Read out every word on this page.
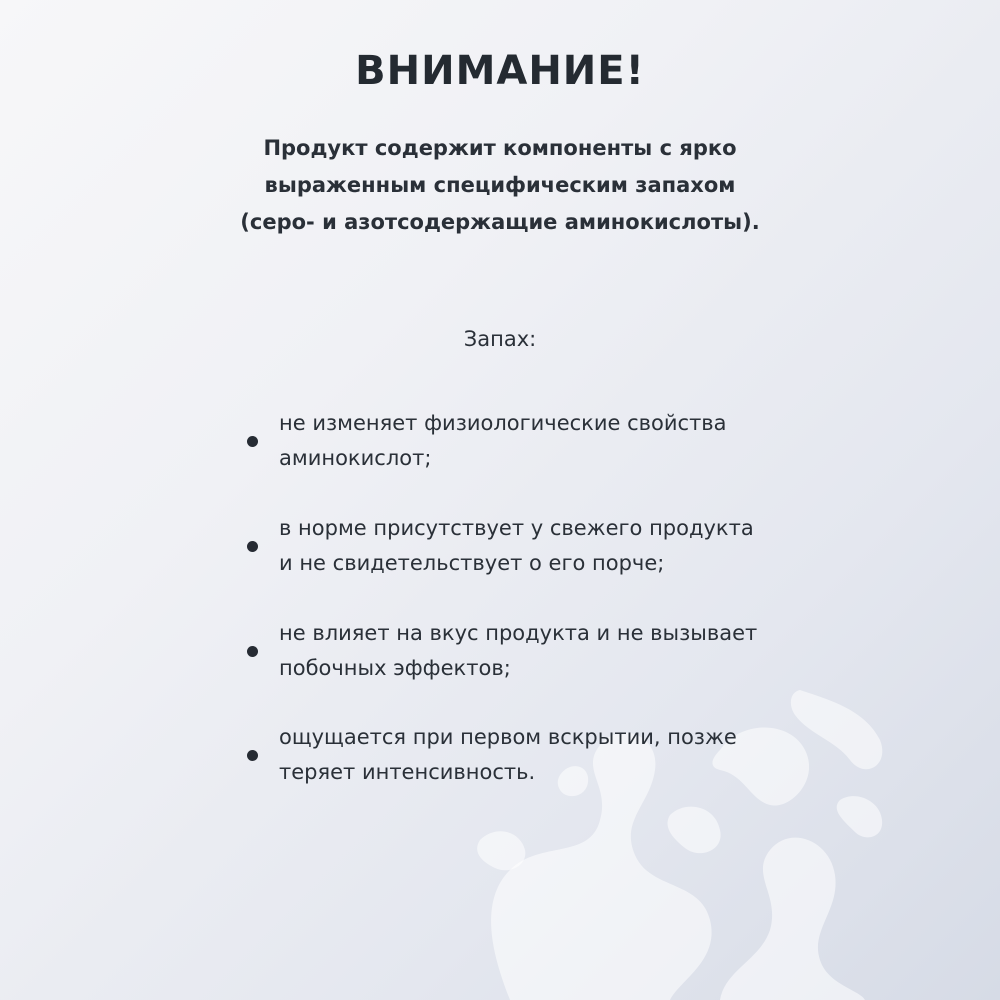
ВНИМАНИЕ!
Продукт содержит компоненты с ярко
выраженным специфическим запахом
(серо- и азотсодержащие аминокислоты).
Запах:
не изменяет физиологические свойства
аминокислот;
в норме присутствует у свежего продукта
и не свидетельствует о его порче;
не влияет на вкус продукта и не вызывает
побочных эффектов;
ощущается при первом вскрытии, позже
теряет интенсивность.
